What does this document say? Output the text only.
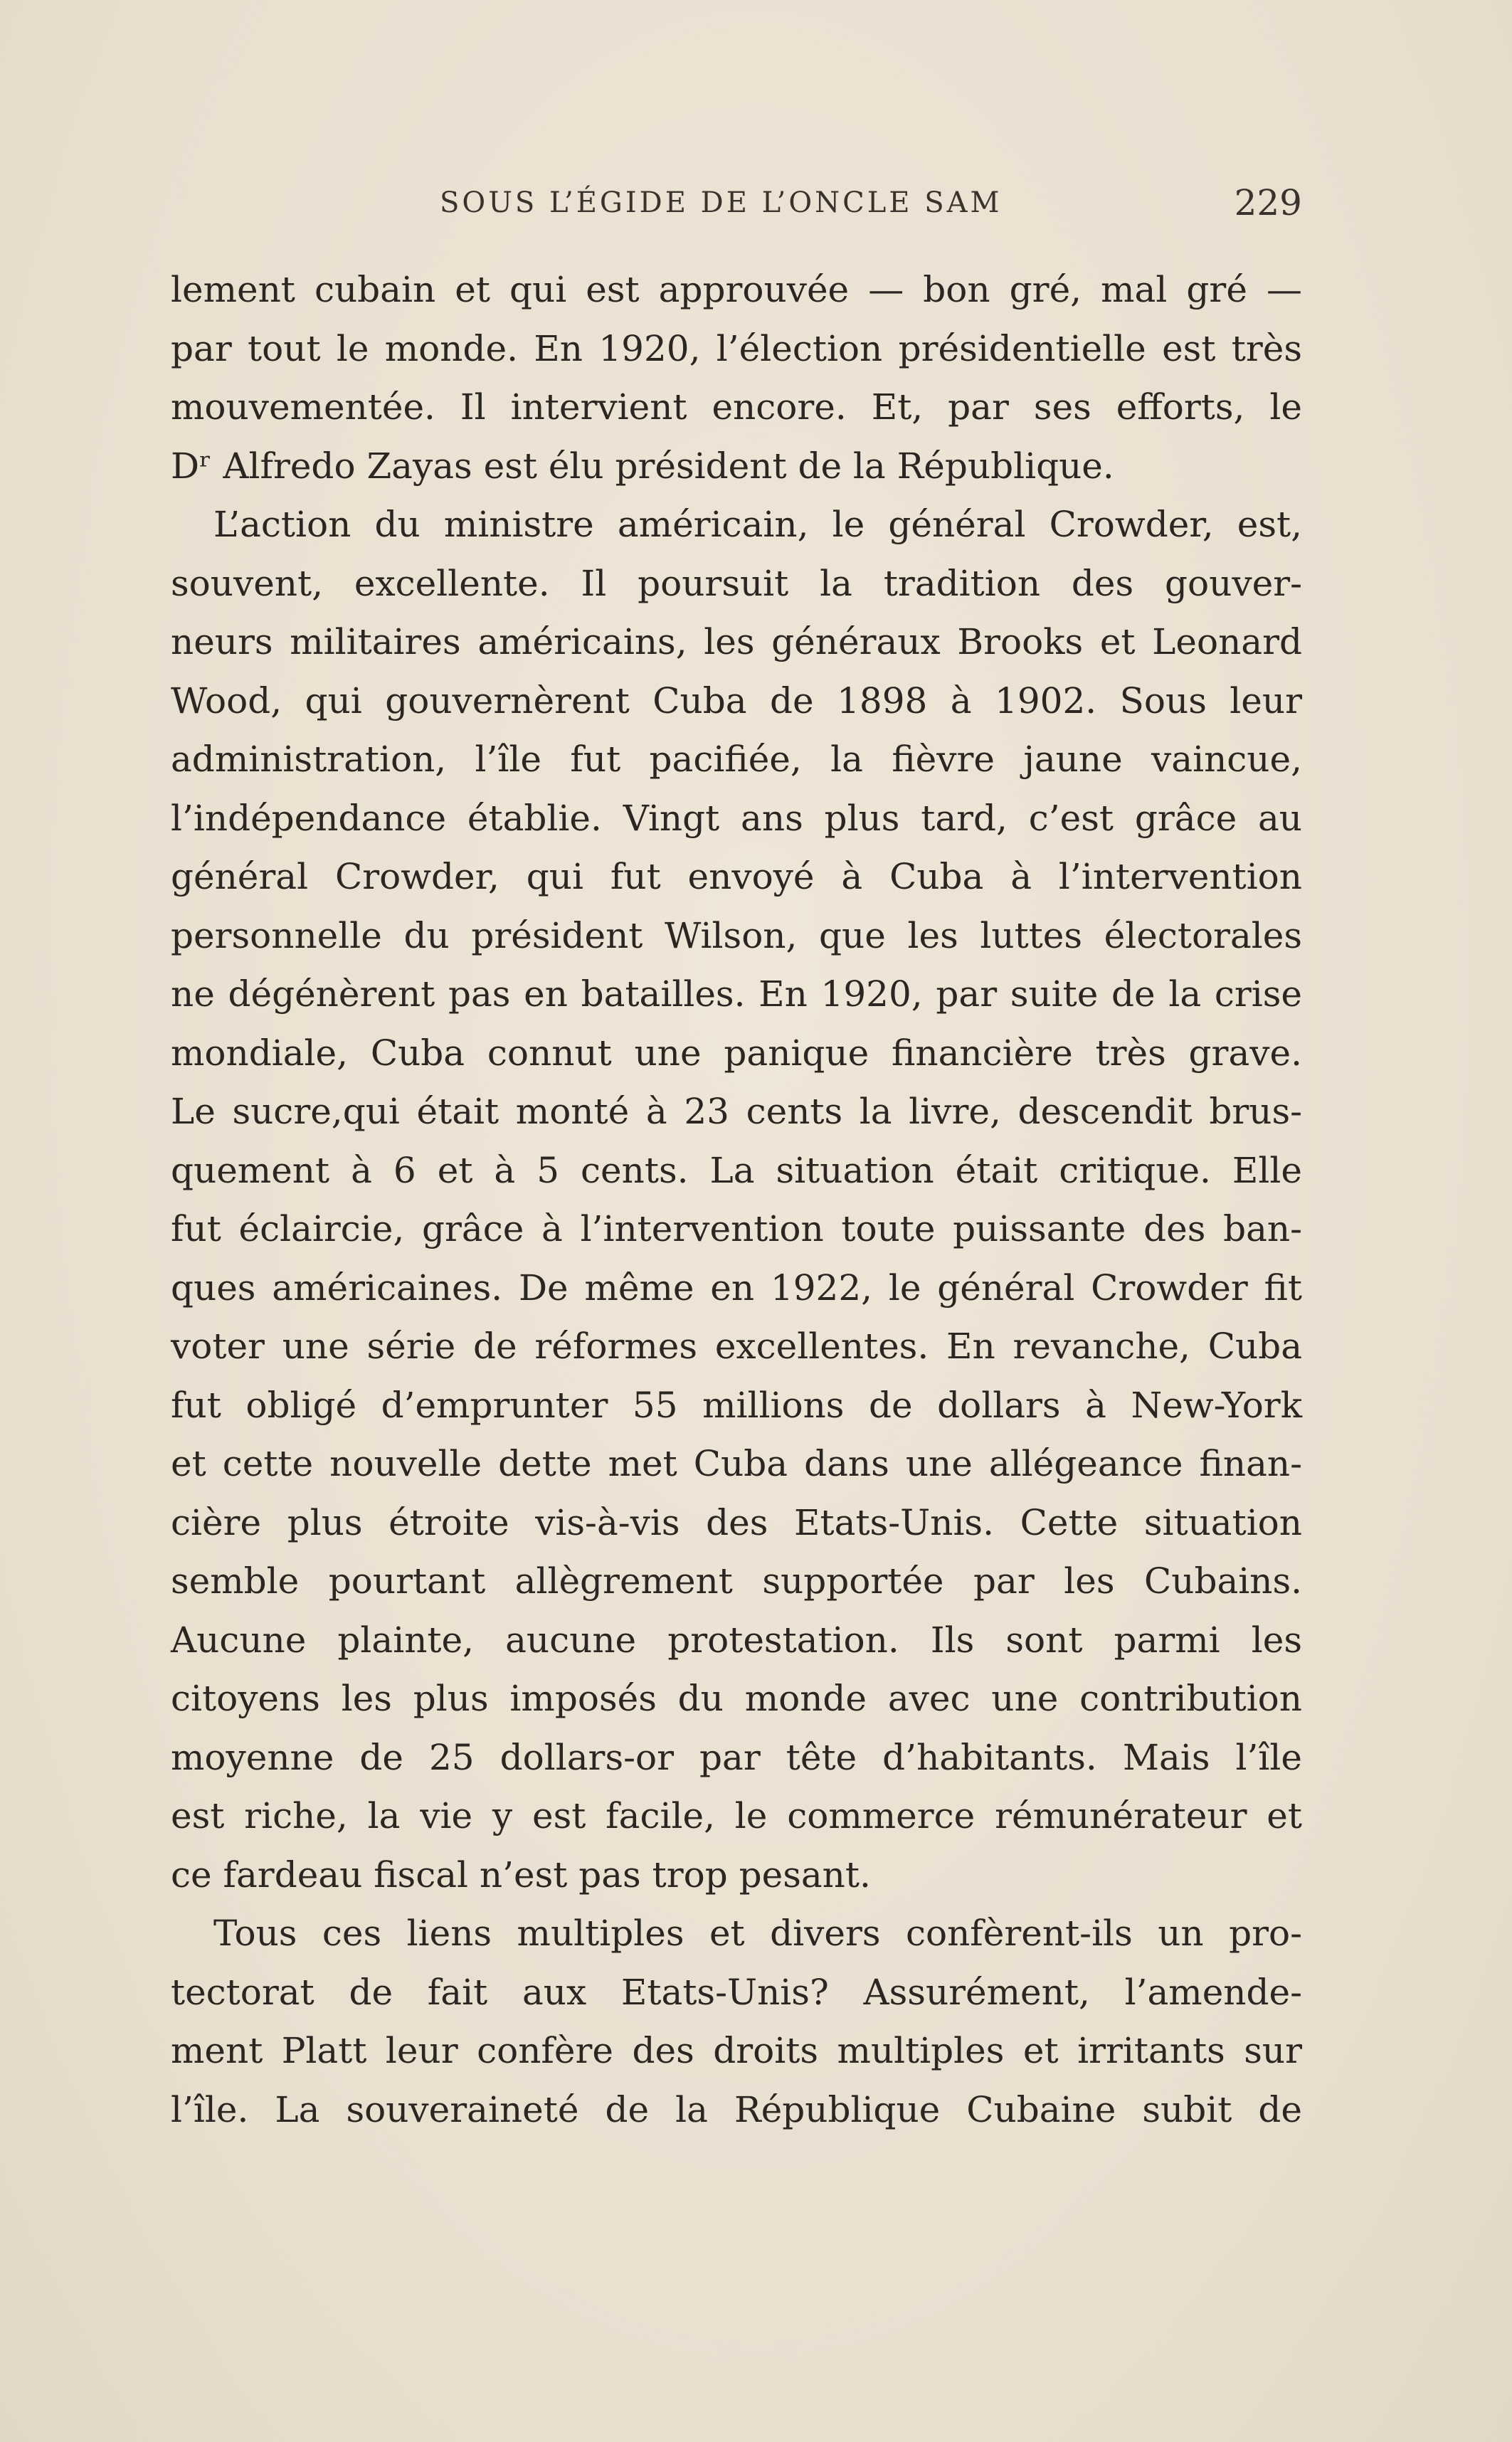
SOUS L’ÉGIDE DE L’ONCLE SAM	229
lement cubain et qui est approuvée — bon gré, mal gré —
par tout le monde. En 1920, l’élection présidentielle est très
mouvementée. Il intervient encore. Et, par ses efforts, le
Dʳ Alfredo Zayas est élu président de la République.
L’action du ministre américain, le général Crowder, est,
souvent, excellente. Il poursuit la tradition des gouver-
neurs militaires américains, les généraux Brooks et Leonard
Wood, qui gouvernèrent Cuba de 1898 à 1902. Sous leur
administration, l’île fut pacifiée, la fièvre jaune vaincue,
l’indépendance établie. Vingt ans plus tard, c’est grâce au
général Crowder, qui fut envoyé à Cuba à l’intervention
personnelle du président Wilson, que les luttes électorales
ne dégénèrent pas en batailles. En 1920, par suite de la crise
mondiale, Cuba connut une panique financière très grave.
Le sucre,qui était monté à 23 cents la livre, descendit brus-
quement à 6 et à 5 cents. La situation était critique. Elle
fut éclaircie, grâce à l’intervention toute puissante des ban-
ques américaines. De même en 1922, le général Crowder fit
voter une série de réformes excellentes. En revanche, Cuba
fut obligé d’emprunter 55 millions de dollars à New-York
et cette nouvelle dette met Cuba dans une allégeance finan-
cière plus étroite vis-à-vis des Etats-Unis. Cette situation
semble pourtant allègrement supportée par les Cubains.
Aucune plainte, aucune protestation. Ils sont parmi les
citoyens les plus imposés du monde avec une contribution
moyenne de 25 dollars-or par tête d’habitants. Mais l’île
est riche, la vie y est facile, le commerce rémunérateur et
ce fardeau fiscal n’est pas trop pesant.
Tous ces liens multiples et divers confèrent-ils un pro-
tectorat de fait aux Etats-Unis? Assurément, l’amende-
ment Platt leur confère des droits multiples et irritants sur
l’île. La souveraineté de la République Cubaine subit de
